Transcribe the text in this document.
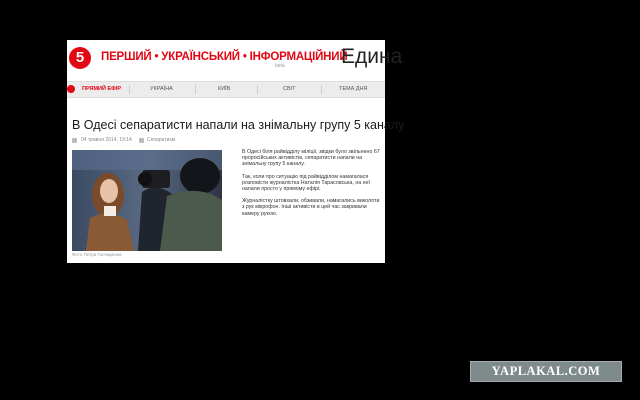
5	ПЕРШИЙ • УКРАЇНСЬКИЙ • ІНФОРМАЦІЙНИЙ
beta	Едина
ПРЯМИЙ ЕФІР	УКРАЇНА	КИЇВ	СВІТ	ТЕМА ДНЯ
В Одесі сепаратисти напали на знімальну групу 5 каналу
04 травня 2014, 19:14	Сепаратизм
Фото Петра Гончаренка

В Одесі біля райвідділу міліції, звідки було звільнено 67 проросійських активістів, сепаратисти напали на знімальну групу 5 каналу.

Так, коли про ситуацію під райвідділом намагалася розповісти журналістка Наталія Тарасовська, на неї напали просто у прямому ефірі.

Журналістку штовхали, обзивали, намагались виколоти з рук мікрофон. Інші активісти в цей час закривали камеру рукою.

YAPLAKAL.COM
